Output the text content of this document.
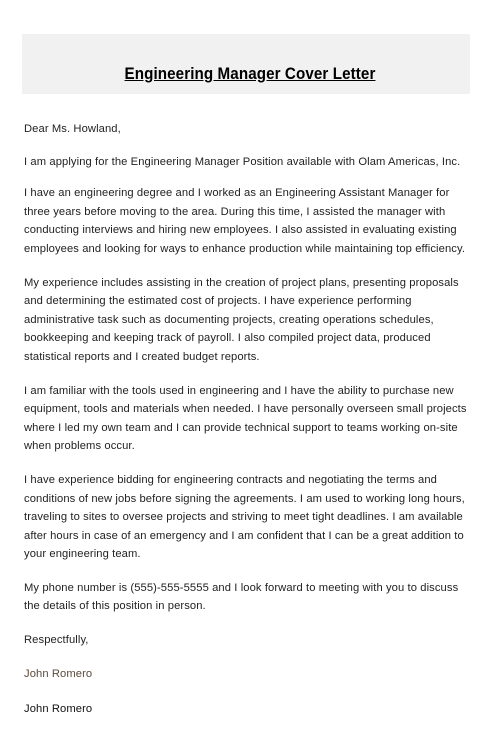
Engineering Manager Cover Letter

Dear Ms. Howland,

I am applying for the Engineering Manager Position available with Olam Americas, Inc.

I have an engineering degree and I worked as an Engineering Assistant Manager for
three years before moving to the area. During this time, I assisted the manager with
conducting interviews and hiring new employees. I also assisted in evaluating existing
employees and looking for ways to enhance production while maintaining top efficiency.

My experience includes assisting in the creation of project plans, presenting proposals
and determining the estimated cost of projects. I have experience performing
administrative task such as documenting projects, creating operations schedules,
bookkeeping and keeping track of payroll. I also compiled project data, produced
statistical reports and I created budget reports.

I am familiar with the tools used in engineering and I have the ability to purchase new
equipment, tools and materials when needed. I have personally overseen small projects
where I led my own team and I can provide technical support to teams working on-site
when problems occur.

I have experience bidding for engineering contracts and negotiating the terms and
conditions of new jobs before signing the agreements. I am used to working long hours,
traveling to sites to oversee projects and striving to meet tight deadlines. I am available
after hours in case of an emergency and I am confident that I can be a great addition to
your engineering team.

My phone number is (555)-555-5555 and I look forward to meeting with you to discuss
the details of this position in person.

Respectfully,

John Romero

John Romero
